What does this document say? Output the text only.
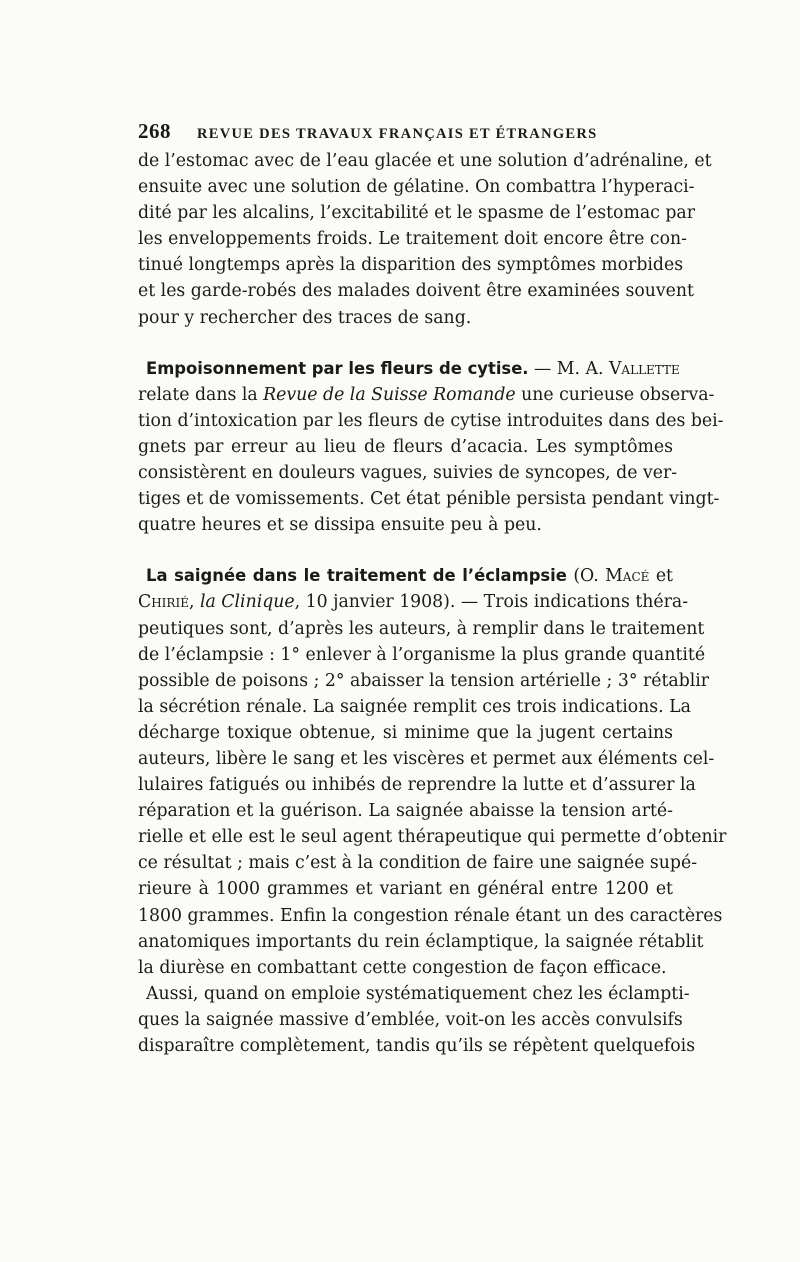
268 REVUE DES TRAVAUX FRANÇAIS ET ÉTRANGERS
de l’estomac avec de l’eau glacée et une solution d’adrénaline, et
ensuite avec une solution de gélatine. On combattra l’hyperaci-
dité par les alcalins, l’excitabilité et le spasme de l’estomac par
les enveloppements froids. Le traitement doit encore être con-
tinué longtemps après la disparition des symptômes morbides
et les garde-robés des malades doivent être examinées souvent
pour y rechercher des traces de sang.
Empoisonnement par les fleurs de cytise. — M. A. Vallette
relate dans la Revue de la Suisse Romande une curieuse observa-
tion d’intoxication par les fleurs de cytise introduites dans des bei-
gnets par erreur au lieu de fleurs d’acacia. Les symptômes
consistèrent en douleurs vagues, suivies de syncopes, de ver-
tiges et de vomissements. Cet état pénible persista pendant vingt-
quatre heures et se dissipa ensuite peu à peu.
La saignée dans le traitement de l’éclampsie (O. Macé et
Chirié, la Clinique, 10 janvier 1908). — Trois indications théra-
peutiques sont, d’après les auteurs, à remplir dans le traitement
de l’éclampsie : 1° enlever à l’organisme la plus grande quantité
possible de poisons ; 2° abaisser la tension artérielle ; 3° rétablir
la sécrétion rénale. La saignée remplit ces trois indications. La
décharge toxique obtenue, si minime que la jugent certains
auteurs, libère le sang et les viscères et permet aux éléments cel-
lulaires fatigués ou inhibés de reprendre la lutte et d’assurer la
réparation et la guérison. La saignée abaisse la tension arté-
rielle et elle est le seul agent thérapeutique qui permette d’obtenir
ce résultat ; mais c’est à la condition de faire une saignée supé-
rieure à 1000 grammes et variant en général entre 1200 et
1800 grammes. Enfin la congestion rénale étant un des caractères
anatomiques importants du rein éclamptique, la saignée rétablit
la diurèse en combattant cette congestion de façon efficace.
Aussi, quand on emploie systématiquement chez les éclampti-
ques la saignée massive d’emblée, voit-on les accès convulsifs
disparaître complètement, tandis qu’ils se répètent quelquefois
